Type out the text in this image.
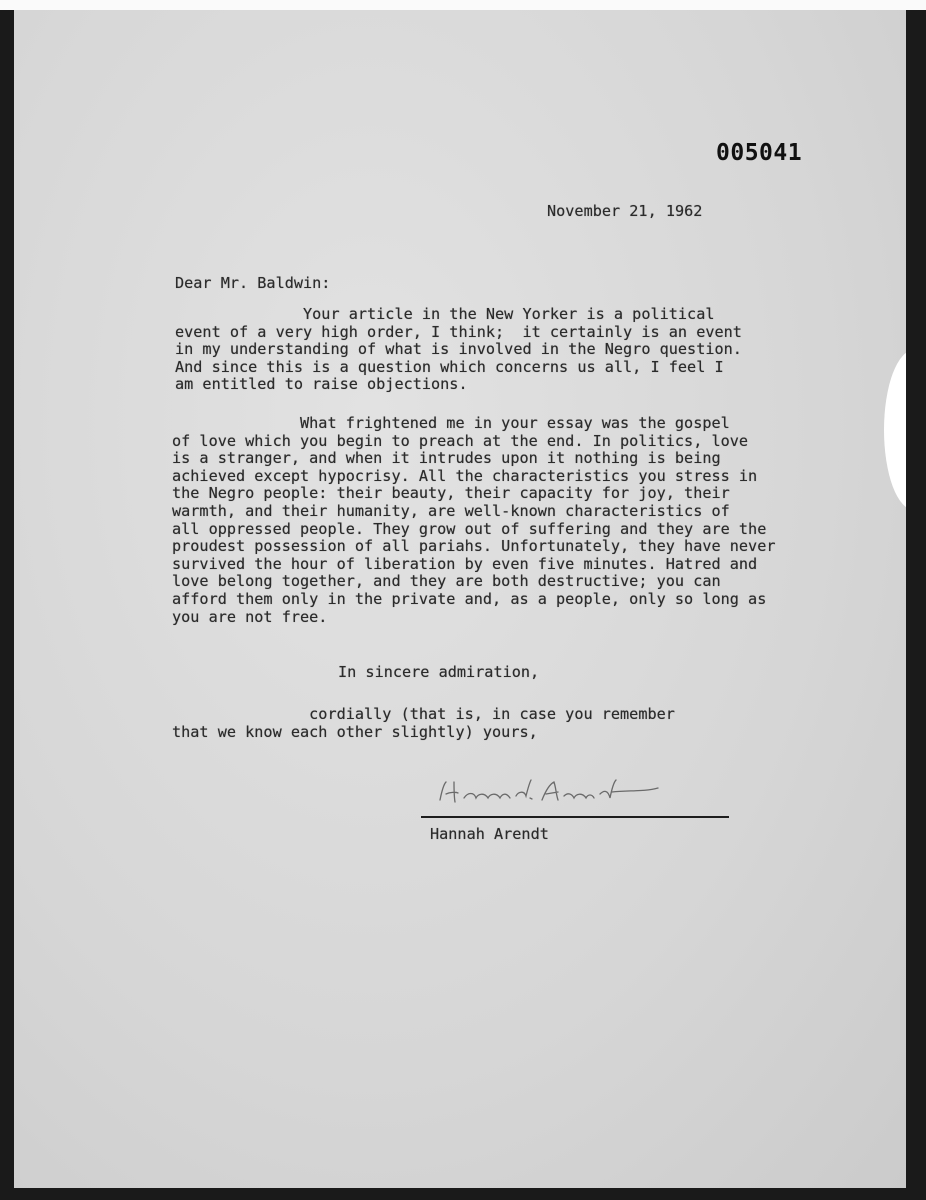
005041
November 21, 1962
Dear Mr. Baldwin:
Your article in the New Yorker is a political
event of a very high order, I think;  it certainly is an event
in my understanding of what is involved in the Negro question.
And since this is a question which concerns us all, I feel I
am entitled to raise objections.
What frightened me in your essay was the gospel
of love which you begin to preach at the end. In politics, love
is a stranger, and when it intrudes upon it nothing is being
achieved except hypocrisy. All the characteristics you stress in
the Negro people: their beauty, their capacity for joy, their
warmth, and their humanity, are well-known characteristics of
all oppressed people. They grow out of suffering and they are the
proudest possession of all pariahs. Unfortunately, they have never
survived the hour of liberation by even five minutes. Hatred and
love belong together, and they are both destructive; you can
afford them only in the private and, as a people, only so long as
you are not free.
In sincere admiration,
cordially (that is, in case you remember
that we know each other slightly) yours,
Hannah Arendt
